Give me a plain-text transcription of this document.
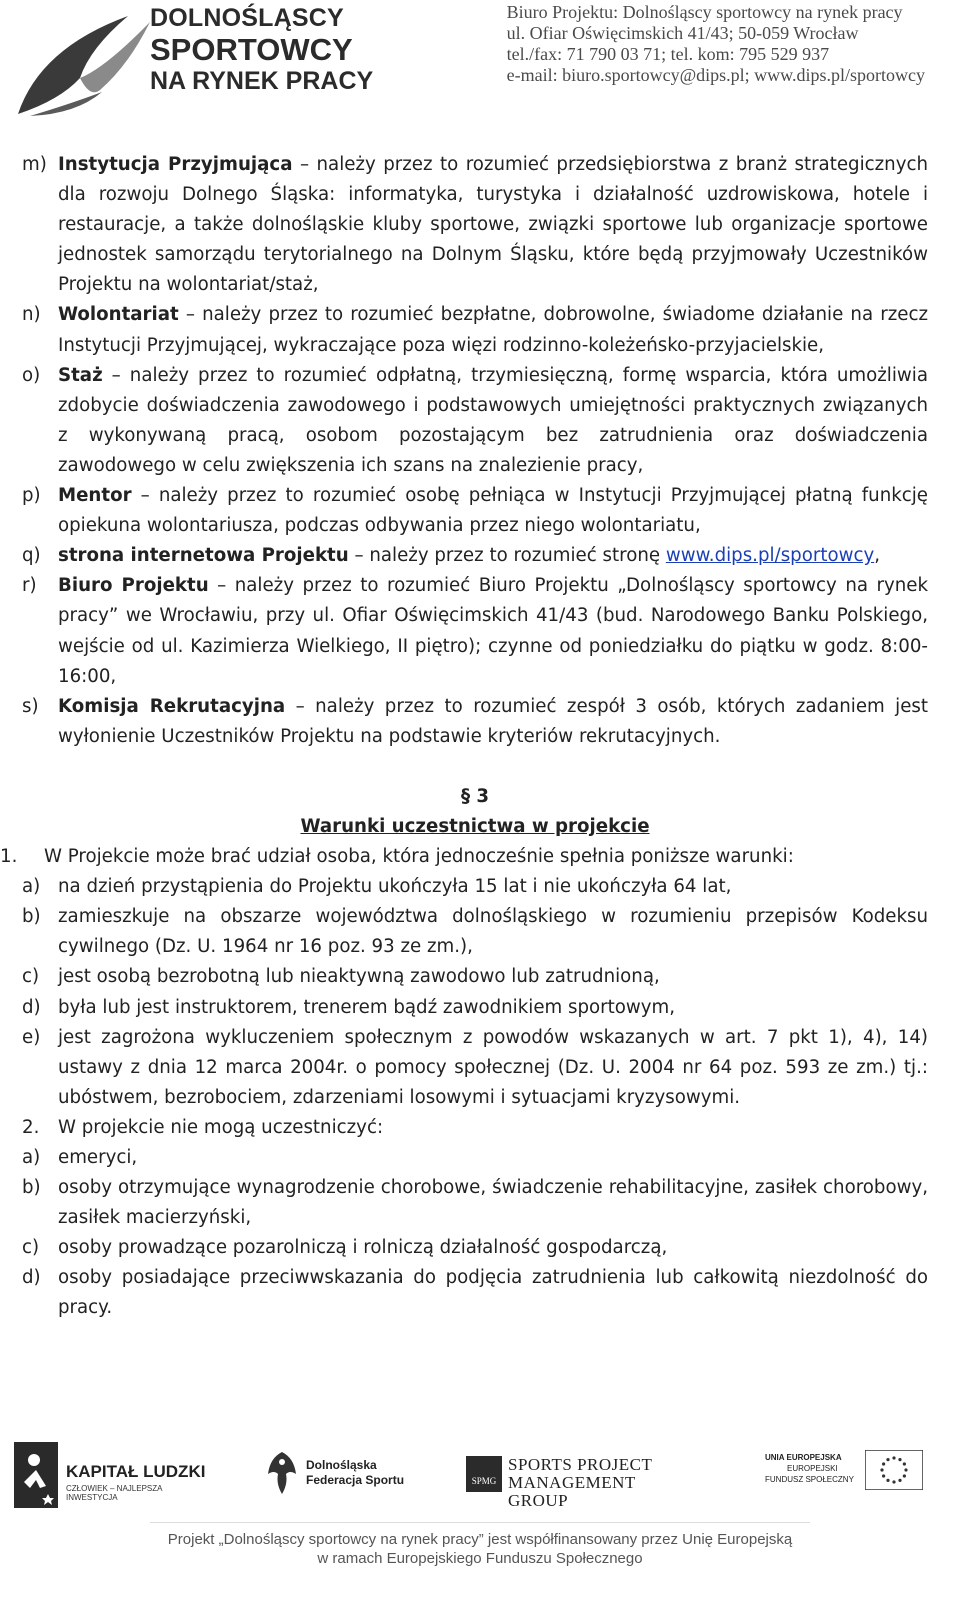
DOLNOŚLĄSCY
SPORTOWCY
NA RYNEK PRACY
Biuro Projektu: Dolnośląscy sportowcy na rynek pracy
ul. Ofiar Oświęcimskich 41/43; 50-059 Wrocław
tel./fax: 71 790 03 71; tel. kom: 795 529 937
e-mail: biuro.sportowcy@dips.pl; www.dips.pl/sportowcy
m) Instytucja Przyjmująca – należy przez to rozumieć przedsiębiorstwa z branż strategicznych dla rozwoju Dolnego Śląska: informatyka, turystyka i działalność uzdrowiskowa, hotele i restauracje, a także dolnośląskie kluby sportowe, związki sportowe lub organizacje sportowe jednostek samorządu terytorialnego na Dolnym Śląsku, które będą przyjmowały Uczestników Projektu na wolontariat/staż,
n) Wolontariat – należy przez to rozumieć bezpłatne, dobrowolne, świadome działanie na rzecz Instytucji Przyjmującej, wykraczające poza więzi rodzinno-koleżeńsko-przyjacielskie,
o) Staż – należy przez to rozumieć odpłatną, trzymiesięczną, formę wsparcia, która umożliwia zdobycie doświadczenia zawodowego i podstawowych umiejętności praktycznych związanych z wykonywaną pracą, osobom pozostającym bez zatrudnienia oraz doświadczenia zawodowego w celu zwiększenia ich szans na znalezienie pracy,
p) Mentor – należy przez to rozumieć osobę pełniąca w Instytucji Przyjmującej płatną funkcję opiekuna wolontariusza, podczas odbywania przez niego wolontariatu,
q) strona internetowa Projektu – należy przez to rozumieć stronę www.dips.pl/sportowcy,
r)	Biuro Projektu – należy przez to rozumieć Biuro Projektu „Dolnośląscy sportowcy na rynek pracy” we Wrocławiu, przy ul. Ofiar Oświęcimskich 41/43 (bud. Narodowego Banku Polskiego, wejście od ul. Kazimierza Wielkiego, II piętro); czynne od poniedziałku do piątku w godz. 8:00-16:00,
s)	Komisja Rekrutacyjna – należy przez to rozumieć zespół 3 osób, których zadaniem jest wyłonienie Uczestników Projektu na podstawie kryteriów rekrutacyjnych.
§ 3
Warunki uczestnictwa w projekcie
1.	W Projekcie może brać udział osoba, która jednocześnie spełnia poniższe warunki:
a) na dzień przystąpienia do Projektu ukończyła 15 lat i nie ukończyła 64 lat,
b) zamieszkuje na obszarze województwa dolnośląskiego w rozumieniu przepisów Kodeksu cywilnego (Dz. U. 1964 nr 16 poz. 93 ze zm.),
c)	jest osobą bezrobotną lub nieaktywną zawodowo lub zatrudnioną,
d) była lub jest instruktorem, trenerem bądź zawodnikiem sportowym,
e) jest zagrożona wykluczeniem społecznym z powodów wskazanych w art. 7 pkt 1), 4), 14) ustawy z dnia 12 marca 2004r. o pomocy społecznej (Dz. U. 2004 nr 64 poz. 593 ze zm.) tj.: ubóstwem, bezrobociem, zdarzeniami losowymi i sytuacjami kryzysowymi.
2.	W projekcie nie mogą uczestniczyć:
a) emeryci,
b) osoby otrzymujące wynagrodzenie chorobowe, świadczenie rehabilitacyjne, zasiłek chorobowy, zasiłek macierzyński,
c)	osoby prowadzące pozarolniczą i rolniczą działalność gospodarczą,
d) osoby posiadające przeciwwskazania do podjęcia zatrudnienia lub całkowitą niezdolność do pracy.
KAPITAŁ LUDZKI
CZŁOWIEK – NAJLEPSZA INWESTYCJA
Dolnośląska
Federacja Sportu	SPMG
SPORTS PROJECT
MANAGEMENT GROUP
UNIA EUROPEJSKA
EUROPEJSKI
FUNDUSZ SPOŁECZNY
Projekt „Dolnośląscy sportowcy na rynek pracy” jest współfinansowany przez Unię Europejską
w ramach Europejskiego Funduszu Społecznego
